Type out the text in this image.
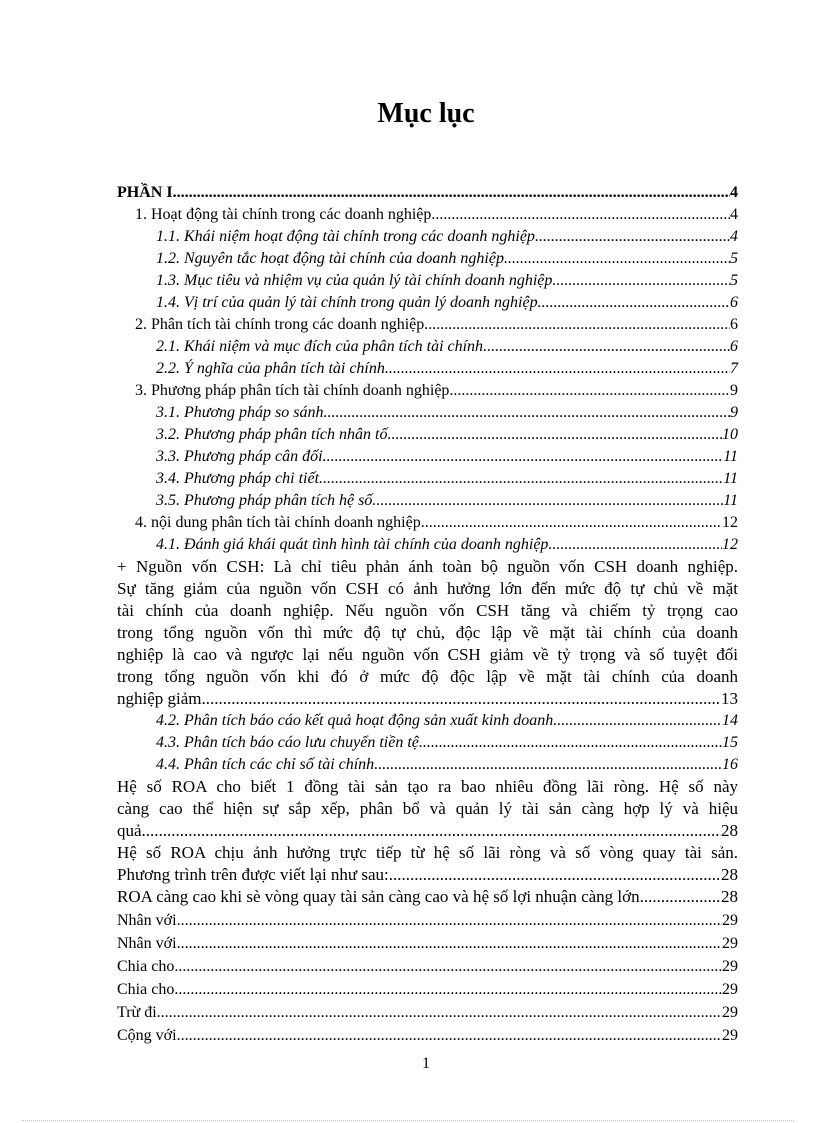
Mục lục
PHẦN I .....	4
1. Hoạt động tài chính trong các doanh nghiệp .....	4
1.1. Khái niệm hoạt động tài chính trong các doanh nghiệp .....	4
1.2. Nguyên tắc hoạt động tài chính của doanh nghiệp .....	5
1.3. Mục tiêu và nhiệm vụ của quản lý tài chính doanh nghiệp .....	5
1.4. Vị trí của quản lý tài chính trong quản lý doanh nghiệp .....	6
2. Phân tích tài chính trong các doanh nghiệp .....	6
2.1. Khái niệm và mục đích của phân tích tài chính .....	6
2.2. Ý nghĩa của phân tích tài chính .....	7
3. Phương pháp phân tích tài chính doanh nghiệp .....	9
3.1. Phương pháp so sánh .....	9
3.2. Phương pháp phân tích nhân tố .....	10
3.3. Phương pháp cân đối .....	11
3.4. Phương pháp chi tiết .....	11
3.5. Phương pháp phân tích hệ số .....	11
4. nội dung phân tích tài chính doanh nghiệp .....	12
4.1. Đánh giá khái quát tình hình tài chính của doanh nghiệp .....	12

+ Nguồn vốn CSH: Là chỉ tiêu phản ánh toàn bộ nguồn vốn CSH doanh nghiệp.

Sự tăng giảm của nguồn vốn CSH có ảnh hưởng lớn đến mức độ tự chủ về mặt

tài chính của doanh nghiệp. Nếu nguồn vốn CSH tăng và chiếm tỷ trọng cao

trong tổng nguồn vốn thì mức độ tự chủ, độc lập về mặt tài chính của doanh

nghiệp là cao và ngược lại nếu nguồn vốn CSH giảm về tỷ trọng và số tuyệt đối

trong tổng nguồn vốn khi đó ở mức độ độc lập về mặt tài chính của doanh

nghiệp giảm. .....	13
4.2. Phân tích báo cáo kết quả hoạt động sản xuất kinh doanh .....	14
4.3. Phân tích báo cáo lưu chuyển tiền tệ .....	15
4.4. Phân tích các chỉ số tài chính .....	16

Hệ số ROA cho biết 1 đồng tài sản tạo ra bao nhiêu đồng lãi ròng. Hệ số này

càng cao thể hiện sự sắp xếp, phân bổ và quản lý tài sản càng hợp lý và hiệu

quả. .....	28

Hệ số ROA chịu ảnh hưởng trực tiếp từ hệ số lãi ròng và số vòng quay tài sản.

Phương trình trên được viết lại như sau: .....	28
ROA càng cao khi sè vòng quay tài sản càng cao và hệ số lợi nhuận càng lớn. .....	28
Nhân với .....	29
Nhân với .....	29
Chia cho .....	29
Chia cho .....	29
Trừ đi .....	29
Cộng với .....	29
1
